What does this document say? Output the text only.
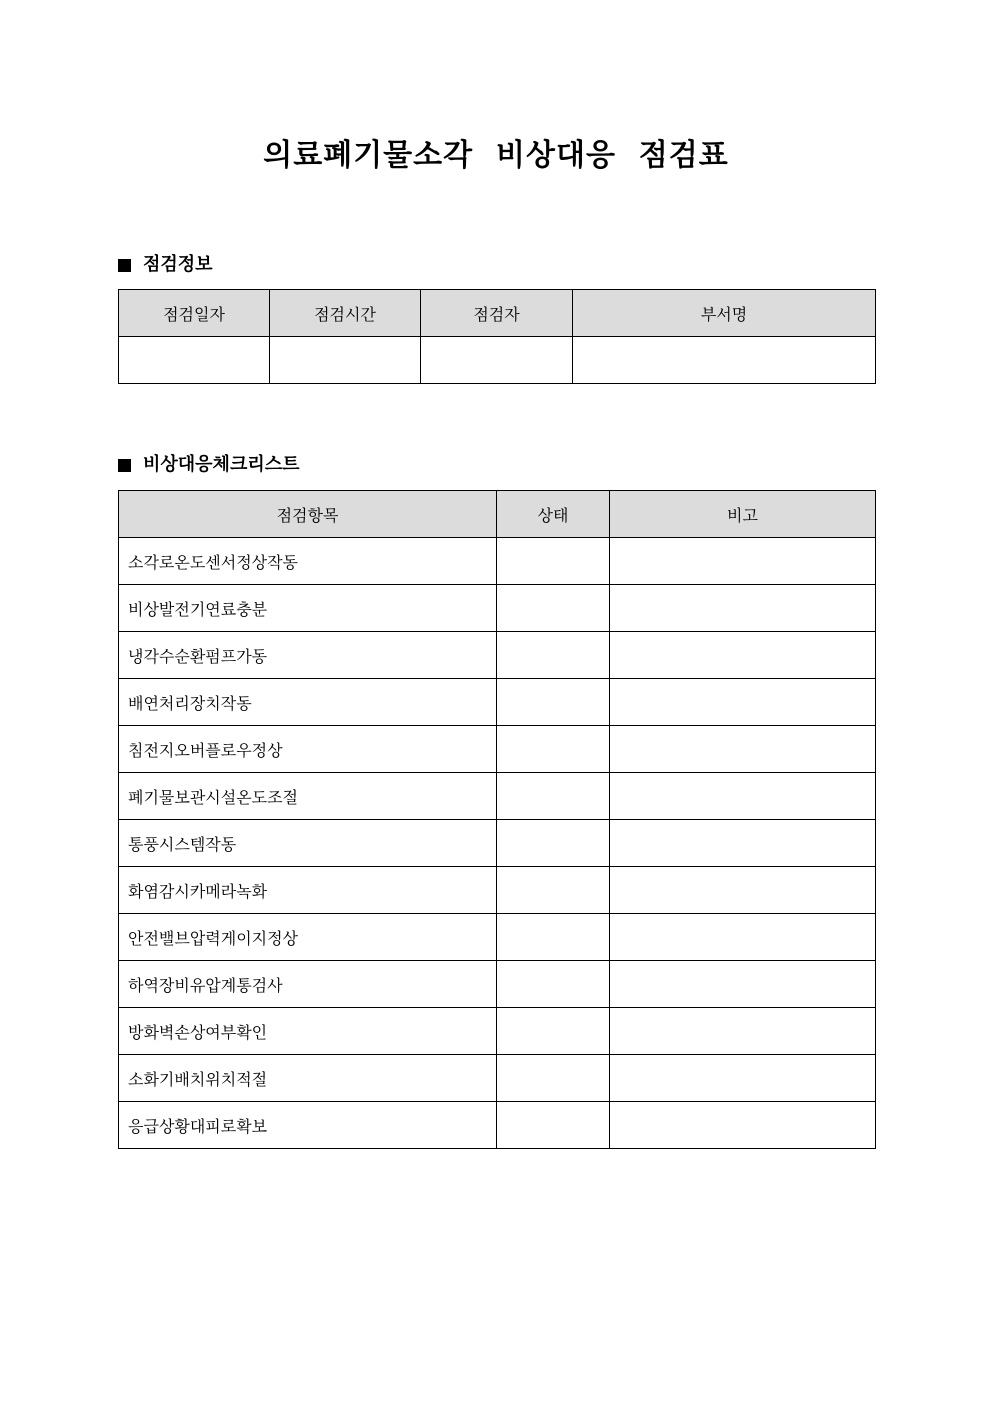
의료폐기물소각  비상대응  점검표
점검정보
점검일자	점검시간	점검자	부서명

비상대응체크리스트
점검항목	상태	비고
소각로온도센서정상작동		
비상발전기연료충분		
냉각수순환펌프가동		
배연처리장치작동		
침전지오버플로우정상		
폐기물보관시설온도조절		
통풍시스템작동		
화염감시카메라녹화		
안전밸브압력게이지정상		
하역장비유압계통검사		
방화벽손상여부확인		
소화기배치위치적절		
응급상황대피로확보		
